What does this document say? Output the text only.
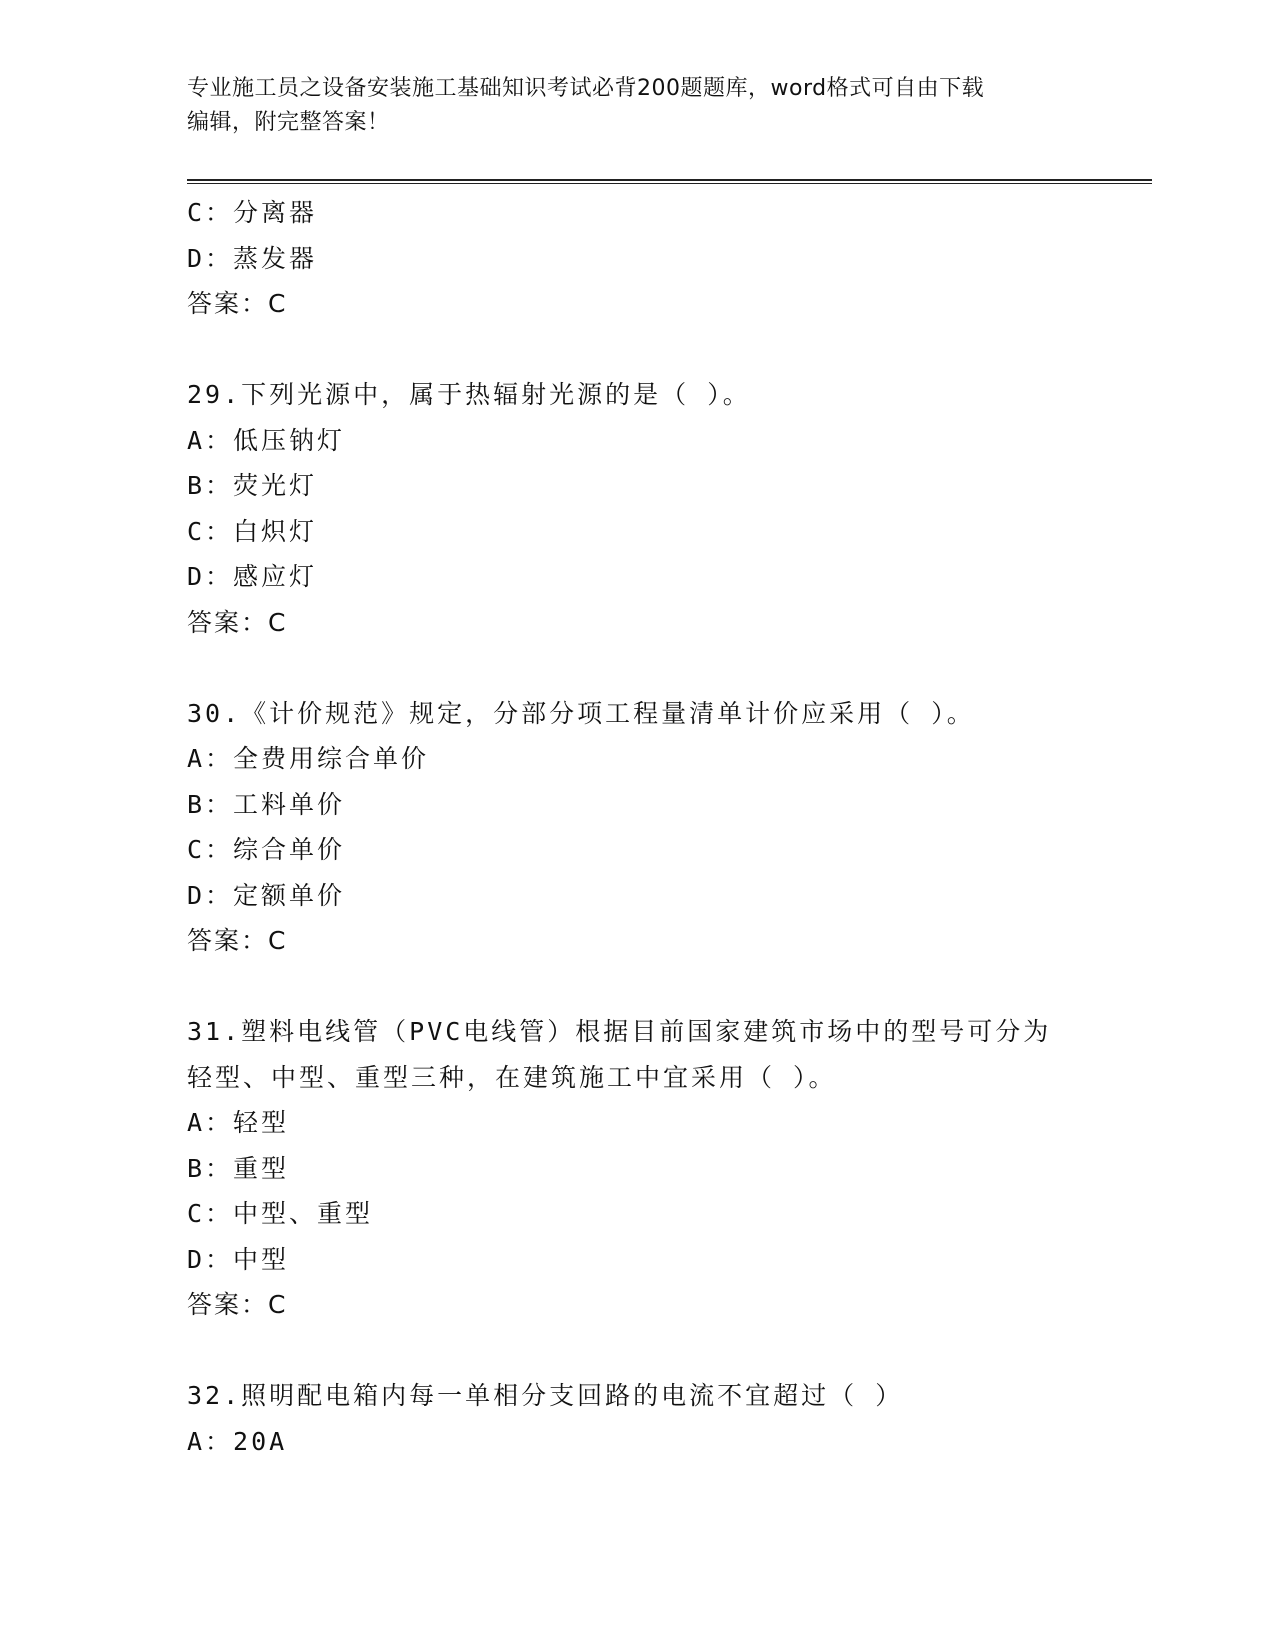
专业施工员之设备安装施工基础知识考试必背200题题库，word格式可自由下载
编辑，附完整答案！
C：分离器
D：蒸发器
答案：C
29.下列光源中，属于热辐射光源的是（ ）。
A：低压钠灯
B：荧光灯
C：白炽灯
D：感应灯
答案：C
30.《计价规范》规定，分部分项工程量清单计价应采用（ ）。
A：全费用综合单价
B：工料单价
C：综合单价
D：定额单价
答案：C
31.塑料电线管（PVC电线管）根据目前国家建筑市场中的型号可分为
轻型、中型、重型三种，在建筑施工中宜采用（ ）。
A：轻型
B：重型
C：中型、重型
D：中型
答案：C
32.照明配电箱内每一单相分支回路的电流不宜超过（ ）
A：20A
